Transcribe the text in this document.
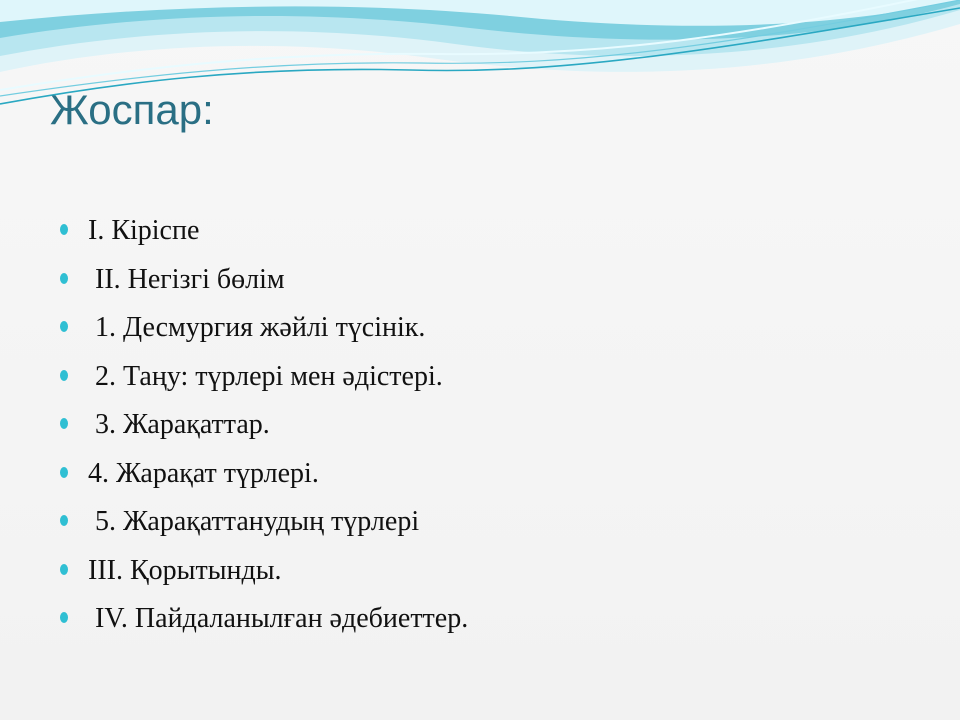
Жоспар:
I. Кіріспе
II. Негізгі бөлім
1. Десмургия жәйлі түсінік.
2. Таңу: түрлері мен әдістері.
3. Жарақаттар.
4. Жарақат түрлері.
5. Жарақаттанудың түрлері
III. Қорытынды.
IV. Пайдаланылған әдебиеттер.
